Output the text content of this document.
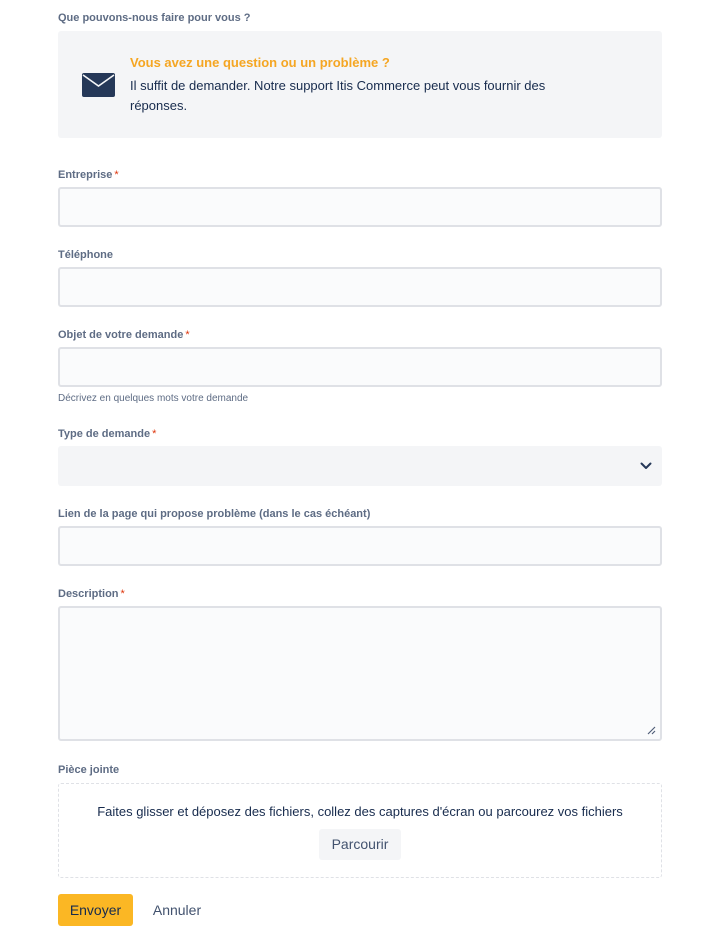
Que pouvons-nous faire pour vous ?
Vous avez une question ou un problème ?
Il suffit de demander. Notre support Itis Commerce peut vous fournir des réponses.
Entreprise *
Téléphone
Objet de votre demande *
Décrivez en quelques mots votre demande
Type de demande *
Lien de la page qui propose problème (dans le cas échéant)
Description *
Pièce jointe
Faites glisser et déposez des fichiers, collez des captures d'écran ou parcourez vos fichiers
Parcourir
Envoyer	Annuler
